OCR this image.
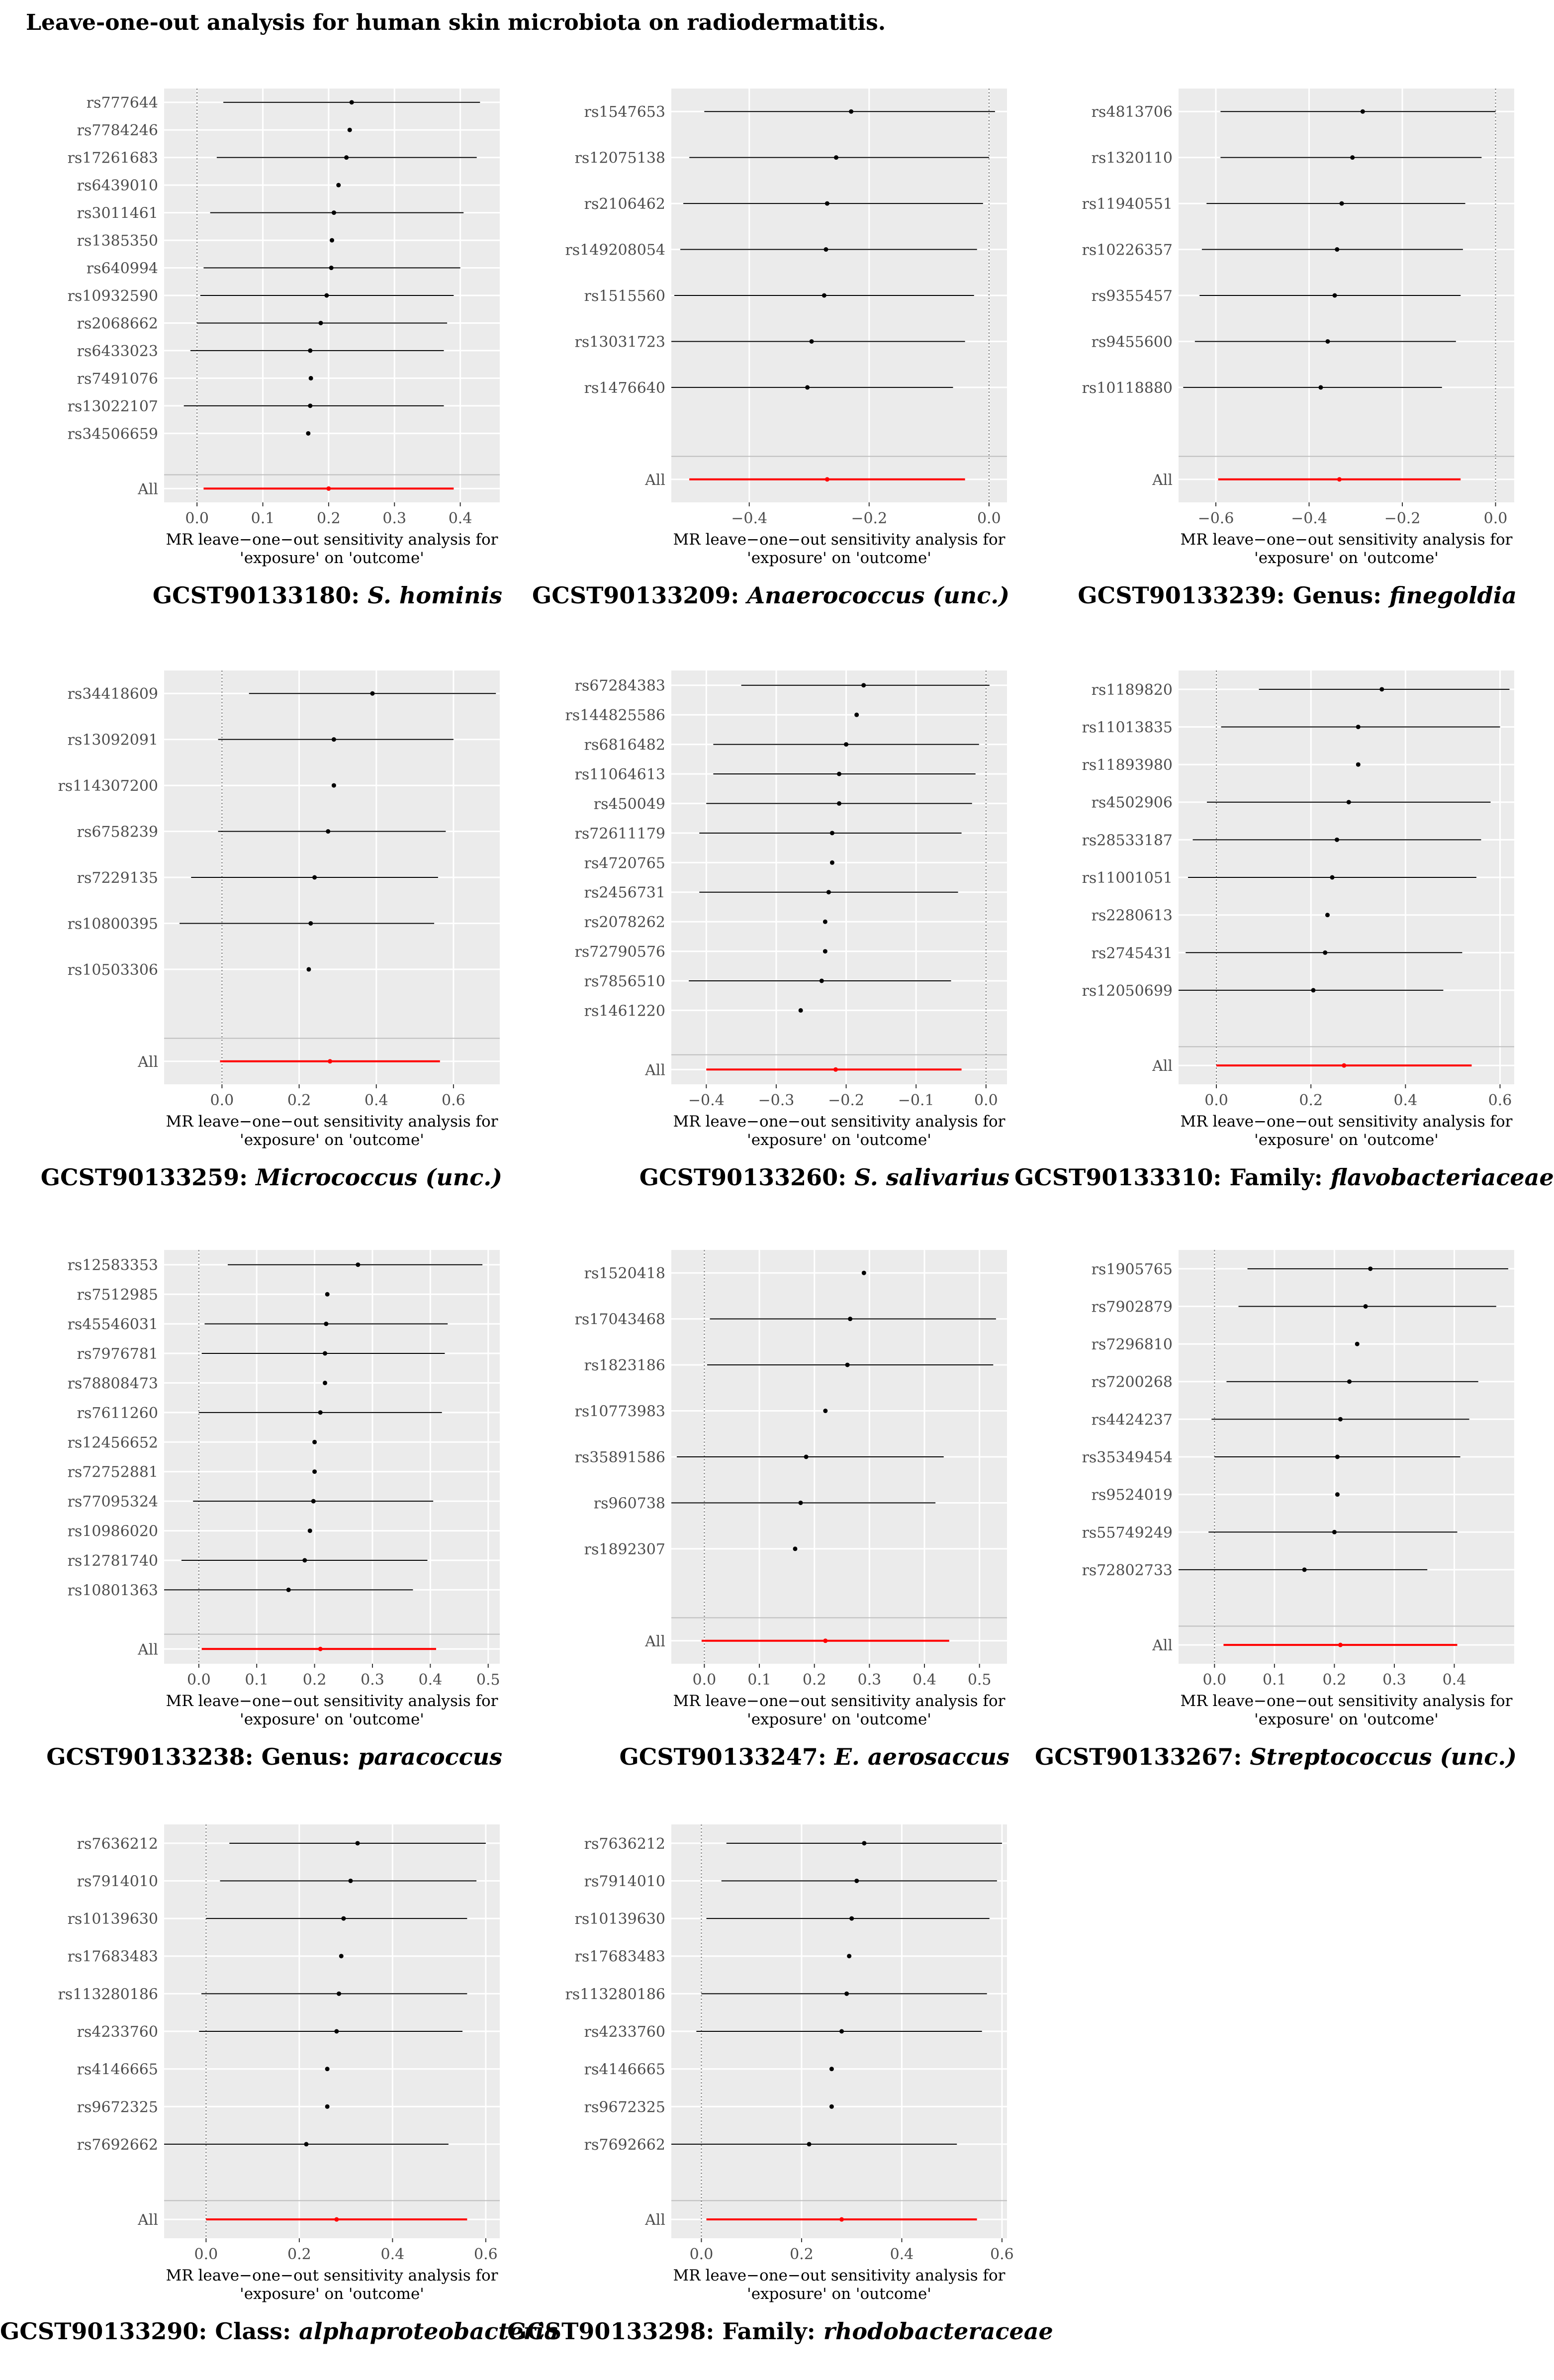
Leave-one-out analysis for human skin microbiota on radiodermatitis.
rs777644
rs7784246
rs17261683
rs6439010
rs3011461
rs1385350
rs640994
rs10932590
rs2068662
rs6433023
rs7491076
rs13022107
rs34506659
All
0.0	0.1	0.2	0.3	0.4
MR leave−one−out sensitivity analysis for
'exposure' on 'outcome'
GCST90133180: S. hominis
rs1547653
rs12075138
rs2106462
rs149208054
rs1515560
rs13031723
rs1476640
All
−0.4	−0.2	0.0
MR leave−one−out sensitivity analysis for
'exposure' on 'outcome'
GCST90133209: Anaerococcus (unc.)
rs4813706
rs1320110
rs11940551
rs10226357
rs9355457
rs9455600
rs10118880
All
−0.6	−0.4	−0.2	0.0
MR leave−one−out sensitivity analysis for
'exposure' on 'outcome'
GCST90133239: Genus: finegoldia
rs34418609
rs13092091
rs114307200
rs6758239
rs7229135
rs10800395
rs10503306
All
0.0	0.2	0.4	0.6
MR leave−one−out sensitivity analysis for
'exposure' on 'outcome'
GCST90133259: Micrococcus (unc.)
rs67284383
rs144825586
rs6816482
rs11064613
rs450049
rs72611179
rs4720765
rs2456731
rs2078262
rs72790576
rs7856510
rs1461220
All
−0.4 −0.3 −0.2 −0.1	0.0
MR leave−one−out sensitivity analysis for
'exposure' on 'outcome'
GCST90133260: S. salivarius
rs1189820
rs11013835
rs11893980
rs4502906
rs28533187
rs11001051
rs2280613
rs2745431
rs12050699
All
0.0	0.2	0.4	0.6
MR leave−one−out sensitivity analysis for
'exposure' on 'outcome'
GCST90133310: Family: flavobacteriaceae
rs12583353
rs7512985
rs45546031
rs7976781
rs78808473
rs7611260
rs12456652
rs72752881
rs77095324
rs10986020
rs12781740
rs10801363
All
0.0 0.1 0.2 0.3 0.4 0.5
MR leave−one−out sensitivity analysis for
'exposure' on 'outcome'
GCST90133238: Genus: paracoccus
rs1520418
rs17043468
rs1823186
rs10773983
rs35891586
rs960738
rs1892307
All
0.0 0.1 0.2 0.3 0.4 0.5
MR leave−one−out sensitivity analysis for
'exposure' on 'outcome'
GCST90133247: E. aerosaccus
rs1905765
rs7902879
rs7296810
rs7200268
rs4424237
rs35349454
rs9524019
rs55749249
rs72802733
All
0.0 0.1 0.2 0.3 0.4
MR leave−one−out sensitivity analysis for
'exposure' on 'outcome'
GCST90133267: Streptococcus (unc.)
rs7636212
rs7914010
rs10139630
rs17683483
rs113280186
rs4233760
rs4146665
rs9672325
rs7692662
All
0.0	0.2	0.4	0.6
MR leave−one−out sensitivity analysis for
'exposure' on 'outcome'
GCST90133290: Class: alphaproteobacteria
rs7636212
rs7914010
rs10139630
rs17683483
rs113280186
rs4233760
rs4146665
rs9672325
rs7692662
All
0.0	0.2	0.4	0.6
MR leave−one−out sensitivity analysis for
'exposure' on 'outcome'
GCST90133298: Family: rhodobacteraceae
